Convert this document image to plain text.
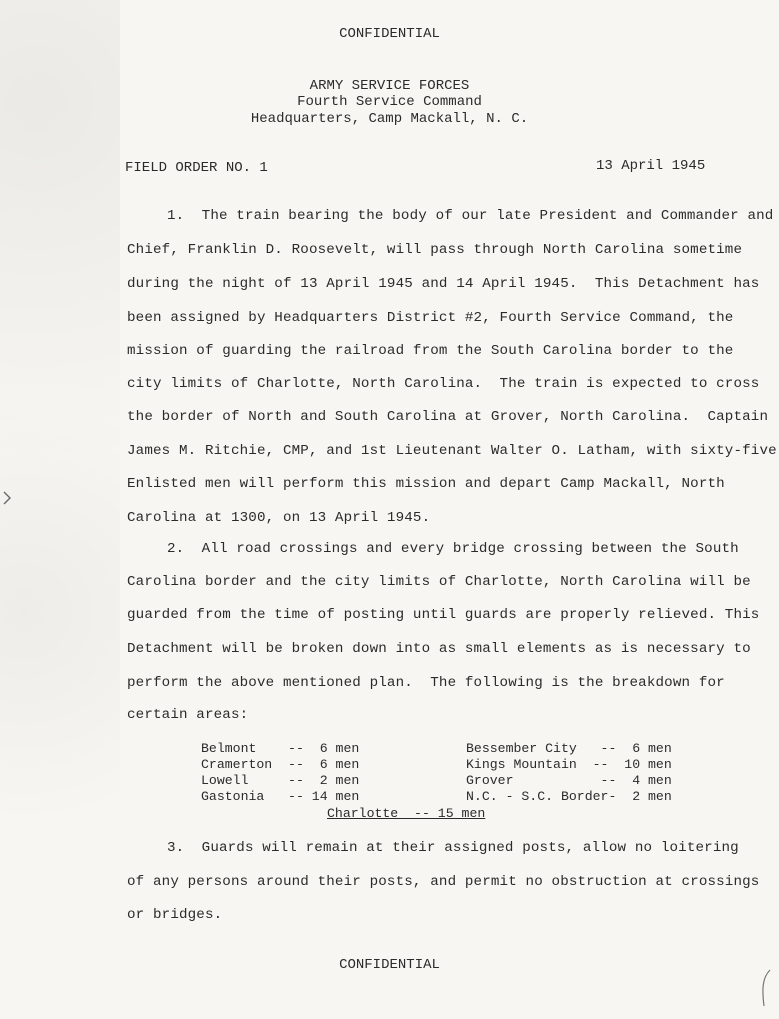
CONFIDENTIAL
ARMY SERVICE FORCES
Fourth Service Command
Headquarters, Camp Mackall, N. C.
FIELD ORDER NO. 1	13 April 1945
1.  The train bearing the body of our late President and Commander and
Chief, Franklin D. Roosevelt, will pass through North Carolina sometime
during the night of 13 April 1945 and 14 April 1945.  This Detachment has
been assigned by Headquarters District #2, Fourth Service Command, the
mission of guarding the railroad from the South Carolina border to the
city limits of Charlotte, North Carolina.  The train is expected to cross
the border of North and South Carolina at Grover, North Carolina.  Captain
James M. Ritchie, CMP, and 1st Lieutenant Walter O. Latham, with sixty-five
Enlisted men will perform this mission and depart Camp Mackall, North
Carolina at 1300, on 13 April 1945.
2.  All road crossings and every bridge crossing between the South
Carolina border and the city limits of Charlotte, North Carolina will be
guarded from the time of posting until guards are properly relieved. This
Detachment will be broken down into as small elements as is necessary to
perform the above mentioned plan.  The following is the breakdown for
certain areas:
Belmont    --  6 men
Cramerton  --  6 men
Lowell     --  2 men
Gastonia   -- 14 men
Bessember City   --  6 men
Kings Mountain  --  10 men
Grover           --  4 men
N.C. - S.C. Border-  2 men
Charlotte  -- 15 men
3.  Guards will remain at their assigned posts, allow no loitering
of any persons around their posts, and permit no obstruction at crossings
or bridges.
CONFIDENTIAL
